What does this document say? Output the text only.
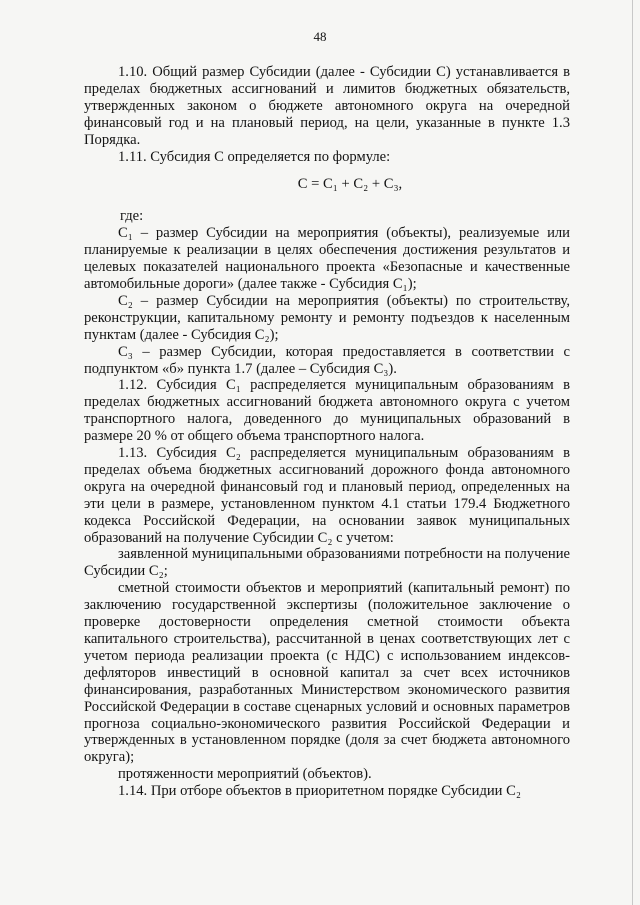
48

1.10. Общий размер Субсидии (далее - Субсидии С) устанавливается в пределах бюджетных ассигнований и лимитов бюджетных обязательств, утвержденных законом о бюджете автономного округа на очередной финансовый год и на плановый период, на цели, указанные в пункте 1.3 Порядка.

1.11. Субсидия С определяется по формуле:

С = С₁ + С₂ + С₃,

где:

С₁ – размер Субсидии на мероприятия (объекты), реализуемые или планируемые к реализации в целях обеспечения достижения результатов и целевых показателей национального проекта «Безопасные и качественные автомобильные дороги» (далее также - Субсидия С₁);

С₂ – размер Субсидии на мероприятия (объекты) по строительству, реконструкции, капитальному ремонту и ремонту подъездов к населенным пунктам (далее - Субсидия С₂);

С₃ – размер Субсидии, которая предоставляется в соответствии с подпунктом «б» пункта 1.7 (далее – Субсидия С₃).

1.12. Субсидия С₁ распределяется муниципальным образованиям в пределах бюджетных ассигнований бюджета автономного округа с учетом транспортного налога, доведенного до муниципальных образований в размере 20 % от общего объема транспортного налога.

1.13. Субсидия С₂ распределяется муниципальным образованиям в пределах объема бюджетных ассигнований дорожного фонда автономного округа на очередной финансовый год и плановый период, определенных на эти цели в размере, установленном пунктом 4.1 статьи 179.4 Бюджетного кодекса Российской Федерации, на основании заявок муниципальных образований на получение Субсидии С₂ с учетом:

заявленной муниципальными образованиями потребности на получение Субсидии С₂;

сметной стоимости объектов и мероприятий (капитальный ремонт) по заключению государственной экспертизы (положительное заключение о проверке достоверности определения сметной стоимости объекта капитального строительства), рассчитанной в ценах соответствующих лет с учетом периода реализации проекта (с НДС) с использованием индексов-дефляторов инвестиций в основной капитал за счет всех источников финансирования, разработанных Министерством экономического развития Российской Федерации в составе сценарных условий и основных параметров прогноза социально-экономического развития Российской Федерации и утвержденных в установленном порядке (доля за счет бюджета автономного округа);

протяженности мероприятий (объектов).

1.14. При отборе объектов в приоритетном порядке Субсидии С₂
